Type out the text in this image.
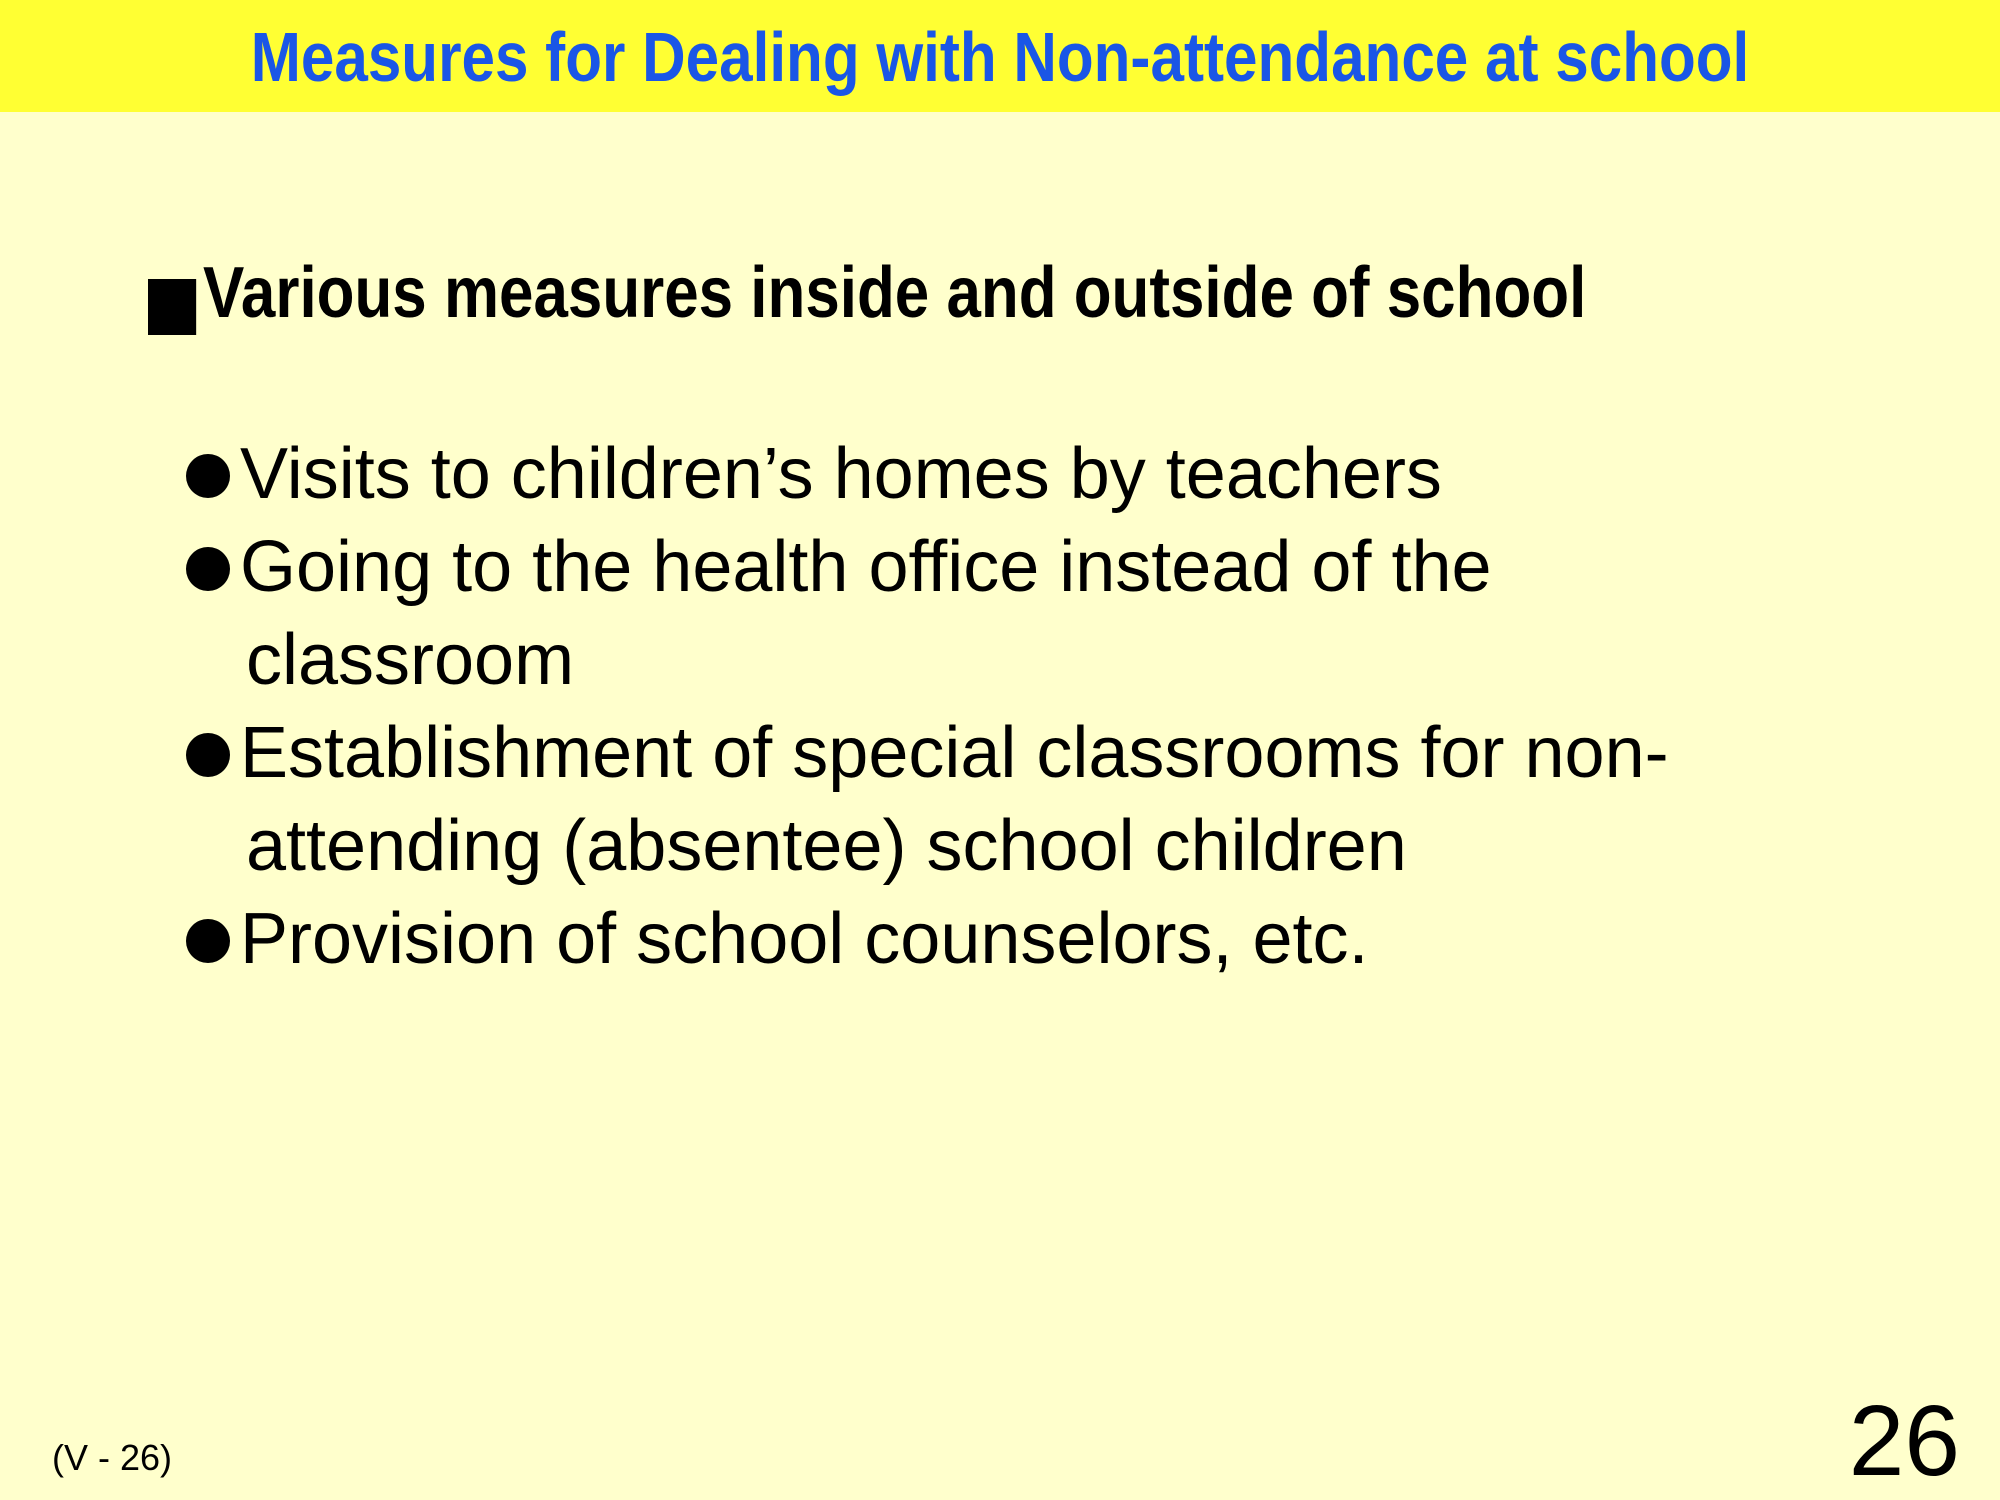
Measures for Dealing with Non-attendance at school
Various measures inside and outside of school
Visits to children’s homes by teachers
Going to the health office instead of the
classroom
Establishment of special classrooms for non-
attending (absentee) school children
Provision of school counselors, etc.
(V - 26)	26
